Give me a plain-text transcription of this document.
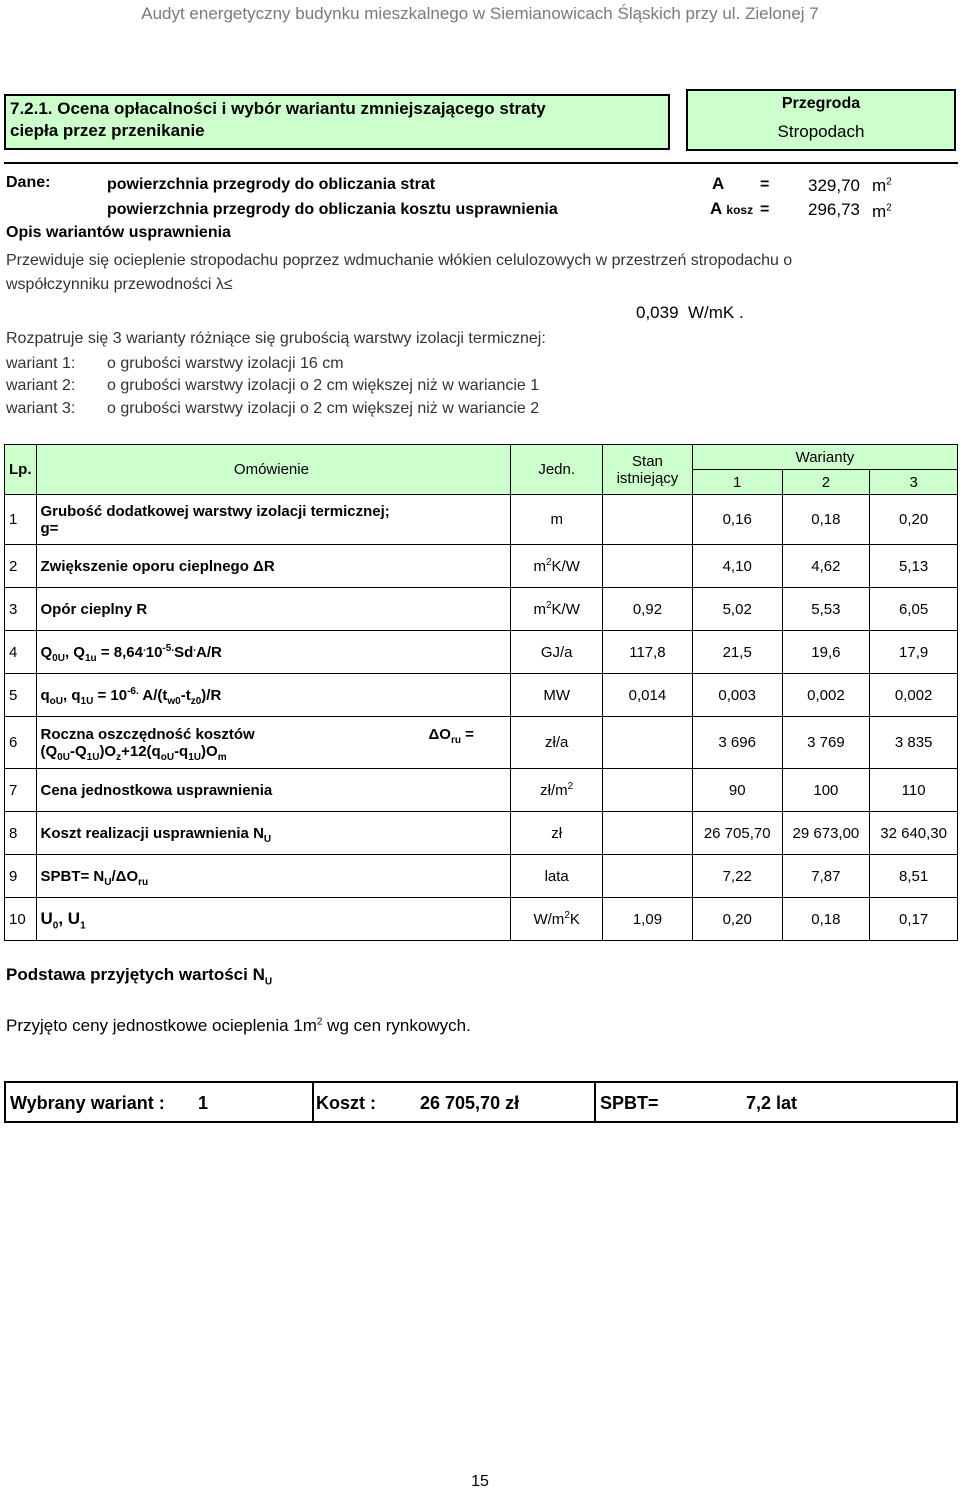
Audyt energetyczny budynku mieszkalnego w Siemianowicach Śląskich przy ul. Zielonej 7
7.2.1. Ocena opłacalności i wybór wariantu zmniejszającego straty
ciepła przez przenikanie
Przegroda
Stropodach
Dane:	powierzchnia przegrody do obliczania strat	A = 329,70 $m^2$
powierzchnia przegrody do obliczania kosztu usprawnienia	A kosz = 296,73 $m^2$
Opis wariantów usprawnienia
Przewiduje się ocieplenie stropodachu poprzez wdmuchanie włókien celulozowych w przestrzeń stropodachu o
współczynniku przewodności λ≤
0,039 W/mK .
Rozpatruje się 3 warianty różniące się grubością warstwy izolacji termicznej:
wariant 1: o grubości warstwy izolacji 16 cm
wariant 2: o grubości warstwy izolacji o 2 cm większej niż w wariancie 1
wariant 3: o grubości warstwy izolacji o 2 cm większej niż w wariancie 2
Lp.	Omówienie	Jedn.	Stan
istniejący	Warianty		
				1	2	3
1	Grubość dodatkowej warstwy izolacji termicznej;
g=	m		0,16	0,18	0,20
2	Zwiększenie oporu cieplnego ΔR	$m^2K/W$		4,10	4,62	5,13
3	Opór cieplny R	$m^2K/W$	0,92	5,02	5,53	6,05
4	$Q_{0U}$, $Q_{1u} = 8,64^.10^{-5.}Sd^.A/R$	GJ/a	117,8	21,5	19,6	17,9
5	$q_{oU}$, $q_{1U} = 10^{-6.}$ $A/(t_{w0}-t_{z0})/R$	MW	0,014	0,003	0,002	0,002
6	Roczna oszczędność kosztów $\Delta O_{ru}$ =
$(Q_{0U}-Q_{1U})O_z+12(q_{oU}-q_{1U})O_m$	zł/a		3 696	3 769	3 835
7	Cena jednostkowa usprawnienia	$zł/m^2$		90	100	110
8	Koszt realizacji usprawnienia $N_U$	zł		26 705,70	29 673,00	32 640,30
9	SPBT= $N_U/\Delta O_{ru}$	lata		7,22	7,87	8,51
10	$U_0$, $U_1$	$W/m^2K$	1,09	0,20	0,18	0,17
Podstawa przyjętych wartości $N_U$
Przyjęto ceny jednostkowe ocieplenia $1m^2$ wg cen rynkowych.
Wybrany wariant : 1	Koszt : 26 705,70 zł	SPBT=	7,2 lat
15
